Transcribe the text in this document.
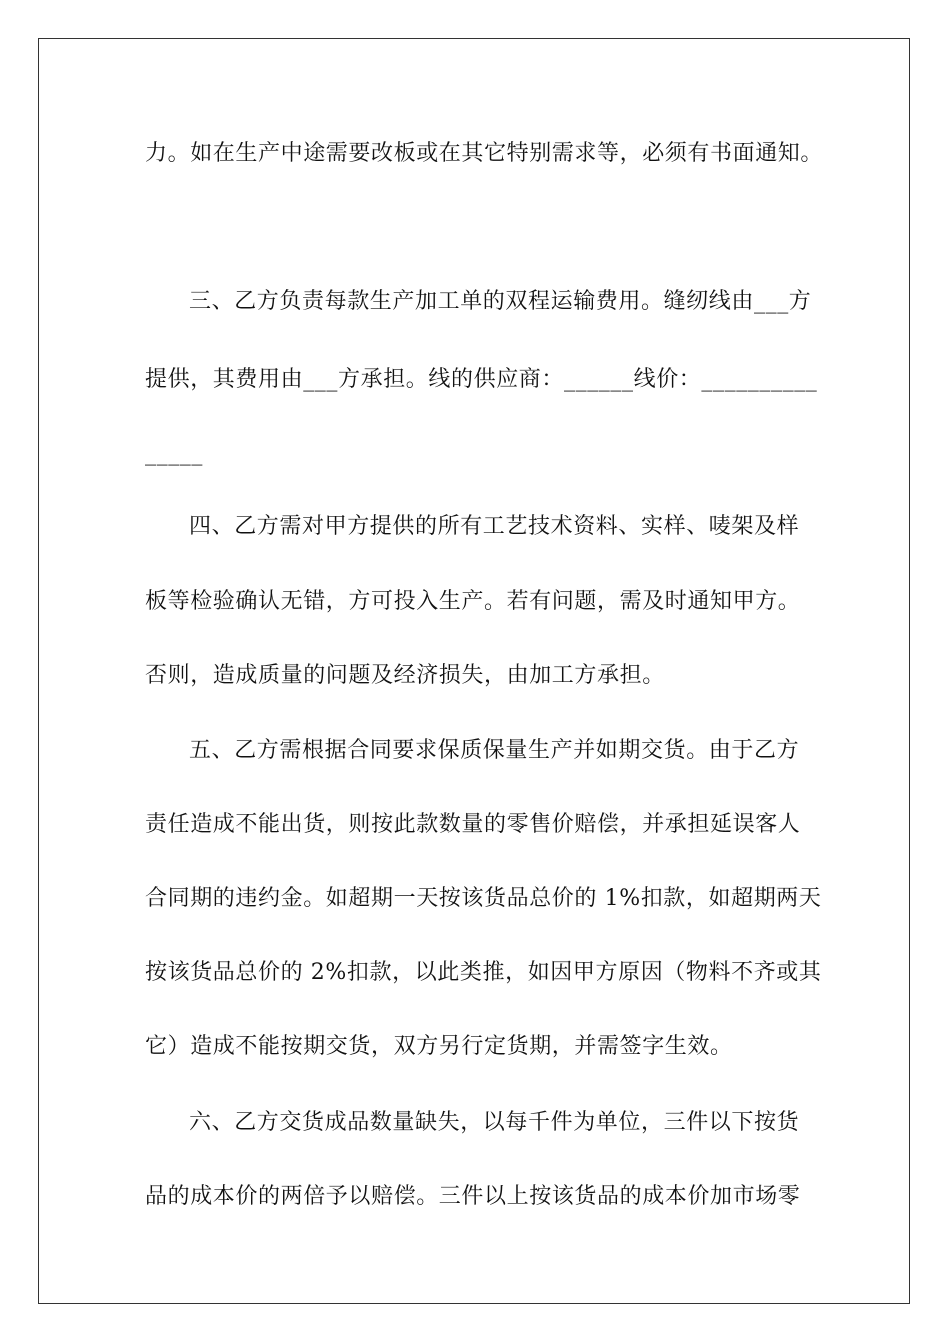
力。如在生产中途需要改板或在其它特别需求等，必须有书面通知。
三、乙方负责每款生产加工单的双程运输费用。缝纫线由___方
提供，其费用由___方承担。线的供应商：______线价：__________
_____
四、乙方需对甲方提供的所有工艺技术资料、实样、唛架及样
板等检验确认无错，方可投入生产。若有问题，需及时通知甲方。
否则，造成质量的问题及经济损失，由加工方承担。
五、乙方需根据合同要求保质保量生产并如期交货。由于乙方
责任造成不能出货，则按此款数量的零售价赔偿，并承担延误客人
合同期的违约金。如超期一天按该货品总价的 1%扣款，如超期两天
按该货品总价的 2%扣款，以此类推，如因甲方原因（物料不齐或其
它）造成不能按期交货，双方另行定货期，并需签字生效。
六、乙方交货成品数量缺失，以每千件为单位，三件以下按货
品的成本价的两倍予以赔偿。三件以上按该货品的成本价加市场零
